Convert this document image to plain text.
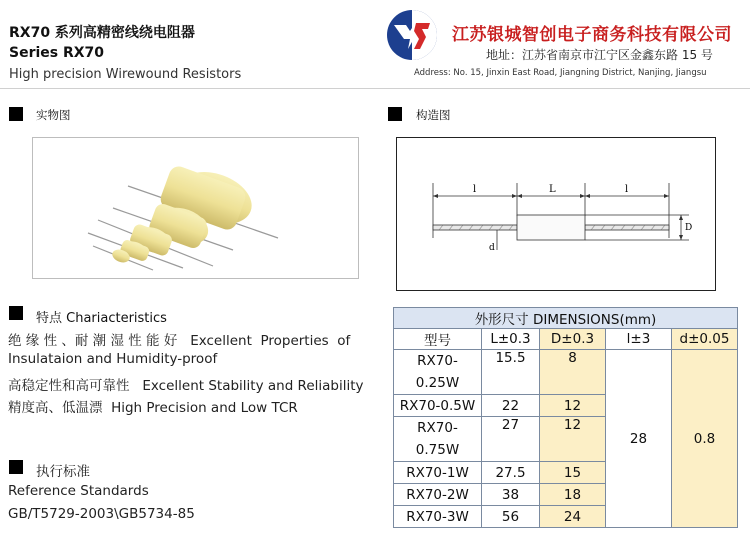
RX70 系列高精密线绕电阻器
Series RX70
High precision Wirewound Resistors
江苏银城智创电子商务科技有限公司
地址：江苏省南京市江宁区金鑫东路 15 号
Address: No. 15, Jinxin East Road, Jiangning District, Nanjing, Jiangsu
实物图	构造图
l	L	l
D
d
特点 Chariacteristics
绝 缘 性 、耐 潮 湿 性 能 好   Excellent  Properties  of
Insulataion and Humidity-proof
高稳定性和高可靠性   Excellent Stability and Reliability
精度高、低温漂  High Precision and Low TCR
执行标准
Reference Standards
GB/T5729-2003\GB5734-85
外形尺寸 DIMENSIONS(mm)				
型号	L±0.3	D±0.3	l±3	d±0.05
RX70-
0.25W	15.5	8	28	0.8
RX70-0.5W	22	12		
RX70-
0.75W	27	12		
RX70-1W	27.5	15		
RX70-2W	38	18		
RX70-3W	56	24		
